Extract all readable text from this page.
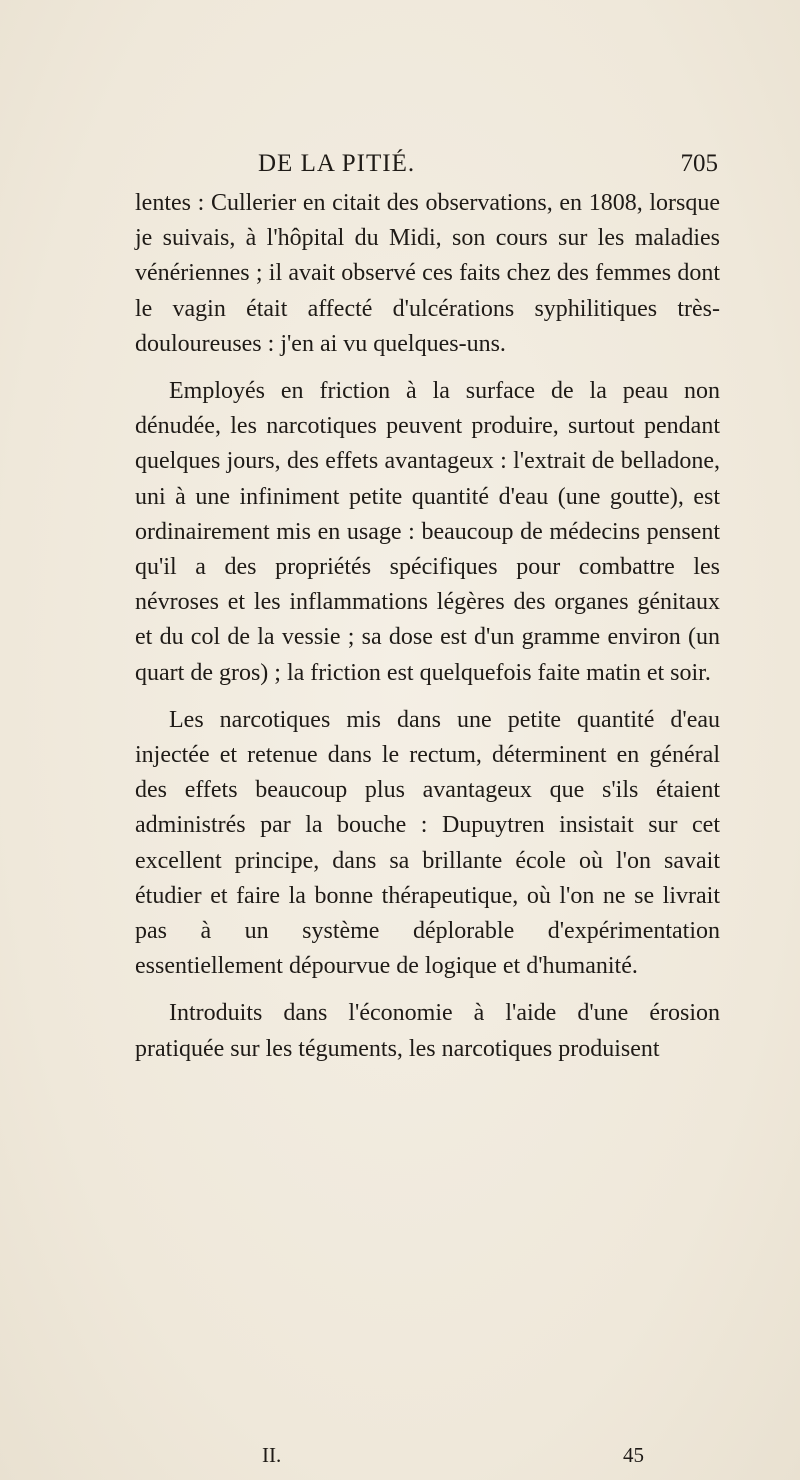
DE LA PITIÉ.	705

lentes : Cullerier en citait des observations, en 1808, lorsque je suivais, à l'hôpital du Midi, son cours sur les maladies vénériennes ; il avait observé ces faits chez des femmes dont le vagin était affecté d'ulcérations syphilitiques très-douloureuses : j'en ai vu quelques-uns.

Employés en friction à la surface de la peau non dénudée, les narcotiques peuvent produire, surtout pendant quelques jours, des effets avantageux : l'extrait de belladone, uni à une infiniment petite quantité d'eau (une goutte), est ordinairement mis en usage : beaucoup de médecins pensent qu'il a des propriétés spécifiques pour combattre les névroses et les inflammations légères des organes génitaux et du col de la vessie ; sa dose est d'un gramme environ (un quart de gros) ; la friction est quelquefois faite matin et soir.

Les narcotiques mis dans une petite quantité d'eau injectée et retenue dans le rectum, déterminent en général des effets beaucoup plus avantageux que s'ils étaient administrés par la bouche : Dupuytren insistait sur cet excellent principe, dans sa brillante école où l'on savait étudier et faire la bonne thérapeutique, où l'on ne se livrait pas à un système déplorable d'expérimentation essentiellement dépourvue de logique et d'humanité.

Introduits dans l'économie à l'aide d'une érosion pratiquée sur les téguments, les narcotiques produisent

II.	45
